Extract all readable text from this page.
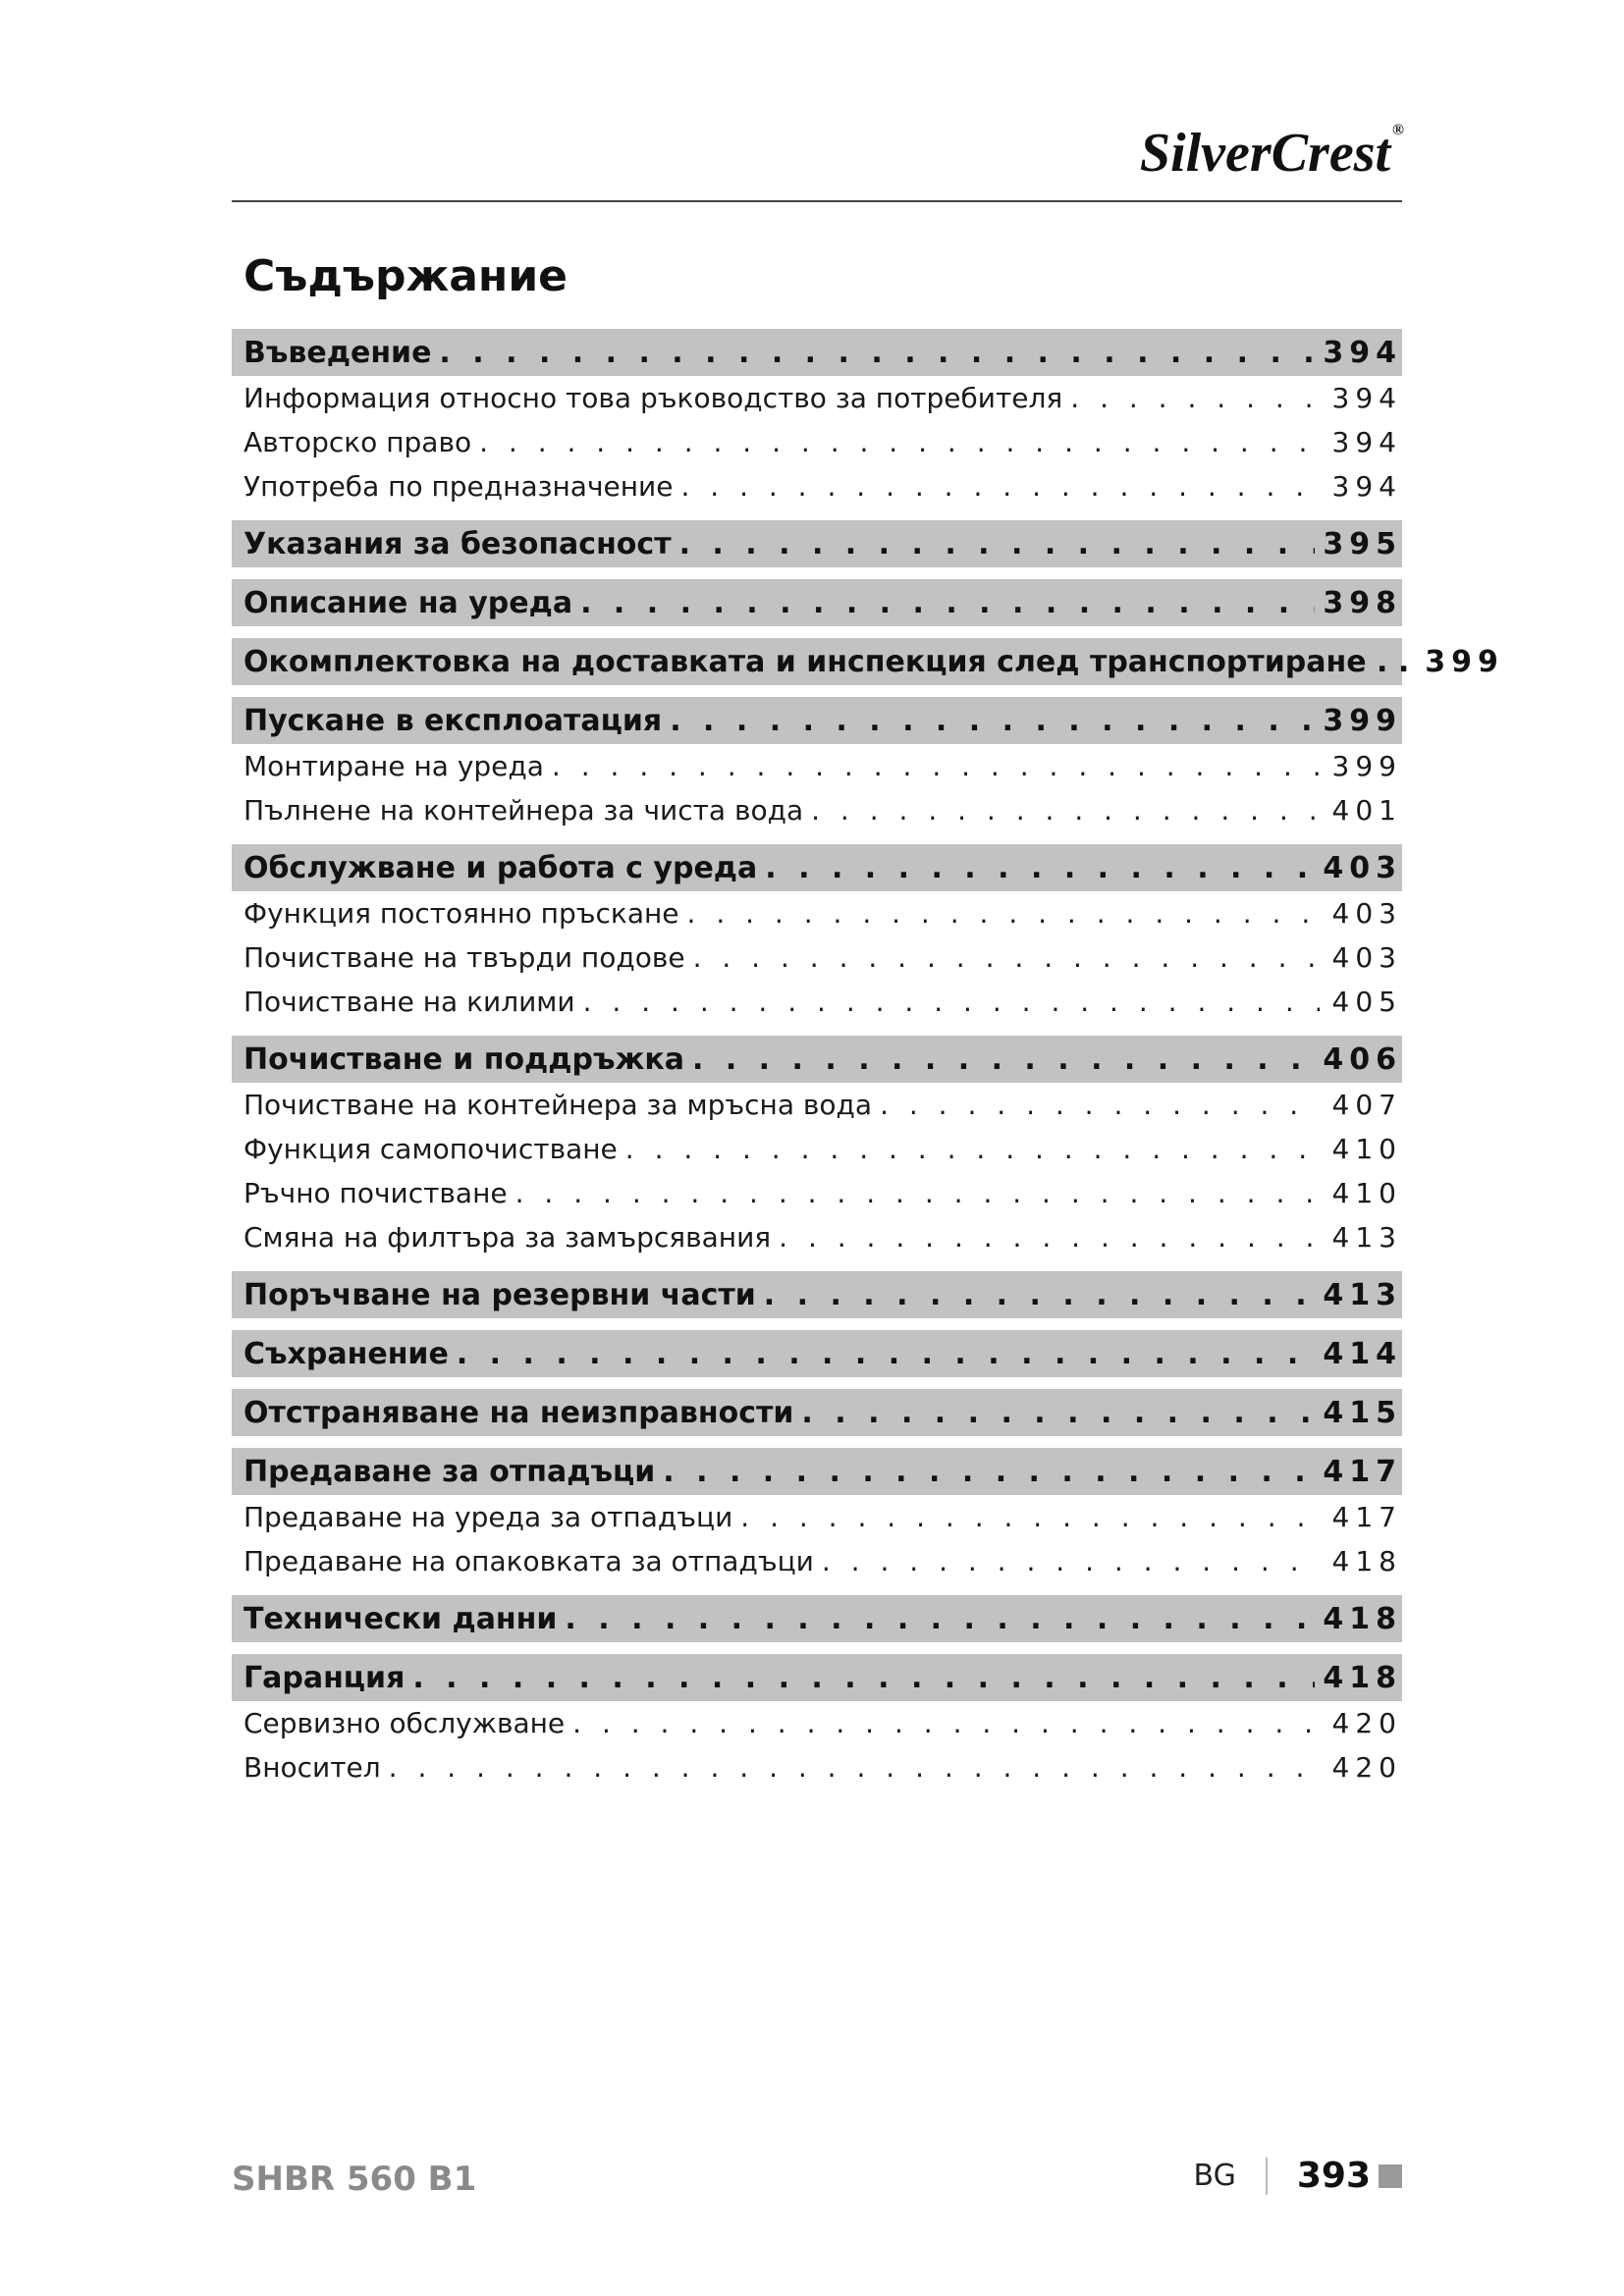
SilverCrest ®
Съдържание
Въведение . . .	394
Информация относно това ръководство за потребителя . . .	394
Авторско право . . .	394
Употреба по предназначение . . .	394
Указания за безопасност . . .	395
Описание на уреда . . .	398
Окомплектовка на доставката и инспекция след транспортиране . . 399
Пускане в експлоатация . . .	399
Монтиране на уреда . . .	399
Пълнене на контейнера за чиста вода . . .	401
Обслужване и работа с уреда . . .	403
Функция постоянно пръскане . . .	403
Почистване на твърди подове . . .	403
Почистване на килими . . .	405
Почистване и поддръжка . . .	406
Почистване на контейнера за мръсна вода . . .	407
Функция самопочистване . . .	410
Ръчно почистване . . .	410
Смяна на филтъра за замърсявания . . .	413
Поръчване на резервни части . . .	413
Съхранение . . .	414
Отстраняване на неизправности . . .	415
Предаване за отпадъци . . .	417
Предаване на уреда за отпадъци . . .	417
Предаване на опаковката за отпадъци . . .	418
Технически данни . . .	418
Гаранция . . .	418
Сервизно обслужване . . .	420
Вносител . . .	420
SHBR 560 B1	BG 393
